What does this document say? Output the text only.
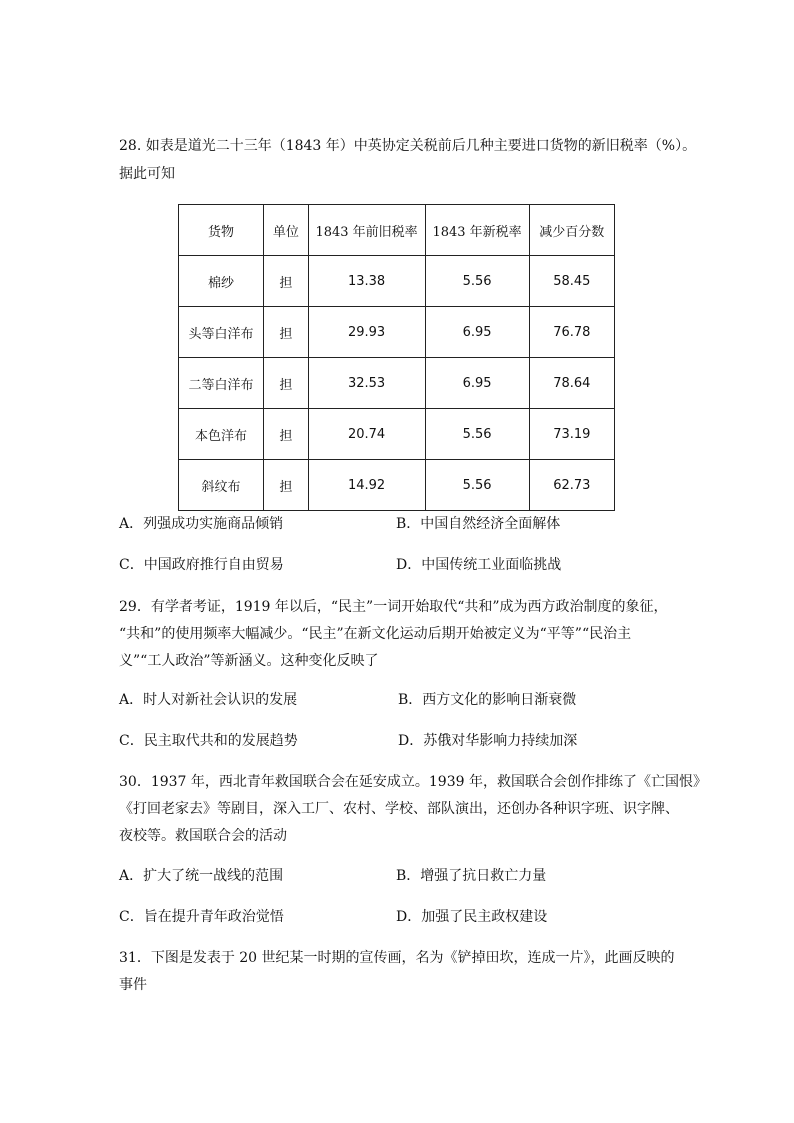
28. 如表是道光二十三年（1843 年）中英协定关税前后几种主要进口货物的新旧税率（%）。
据此可知
货物	单位	1843 年前旧税率	1843 年新税率	减少百分数
棉纱	担	13.38	5.56	58.45
头等白洋布	担	29.93	6.95	76.78
二等白洋布	担	32.53	6.95	78.64
本色洋布	担	20.74	5.56	73.19
斜纹布	担	14.92	5.56	62.73
A．列强成功实施商品倾销	B．中国自然经济全面解体
C．中国政府推行自由贸易	D．中国传统工业面临挑战
29．有学者考证，1919 年以后，“民主”一词开始取代“共和”成为西方政治制度的象征，
“共和”的使用频率大幅减少。“民主”在新文化运动后期开始被定义为“平等”“民治主
义”“工人政治”等新涵义。这种变化反映了
A．时人对新社会认识的发展	B．西方文化的影响日渐衰微
C．民主取代共和的发展趋势	D．苏俄对华影响力持续加深
30．1937 年，西北青年救国联合会在延安成立。1939 年，救国联合会创作排练了《亡国恨》
《打回老家去》等剧目，深入工厂、农村、学校、部队演出，还创办各种识字班、识字牌、
夜校等。救国联合会的活动
A．扩大了统一战线的范围	B．增强了抗日救亡力量
C．旨在提升青年政治觉悟	D．加强了民主政权建设
31．下图是发表于 20 世纪某一时期的宣传画，名为《铲掉田坎，连成一片》，此画反映的
事件
